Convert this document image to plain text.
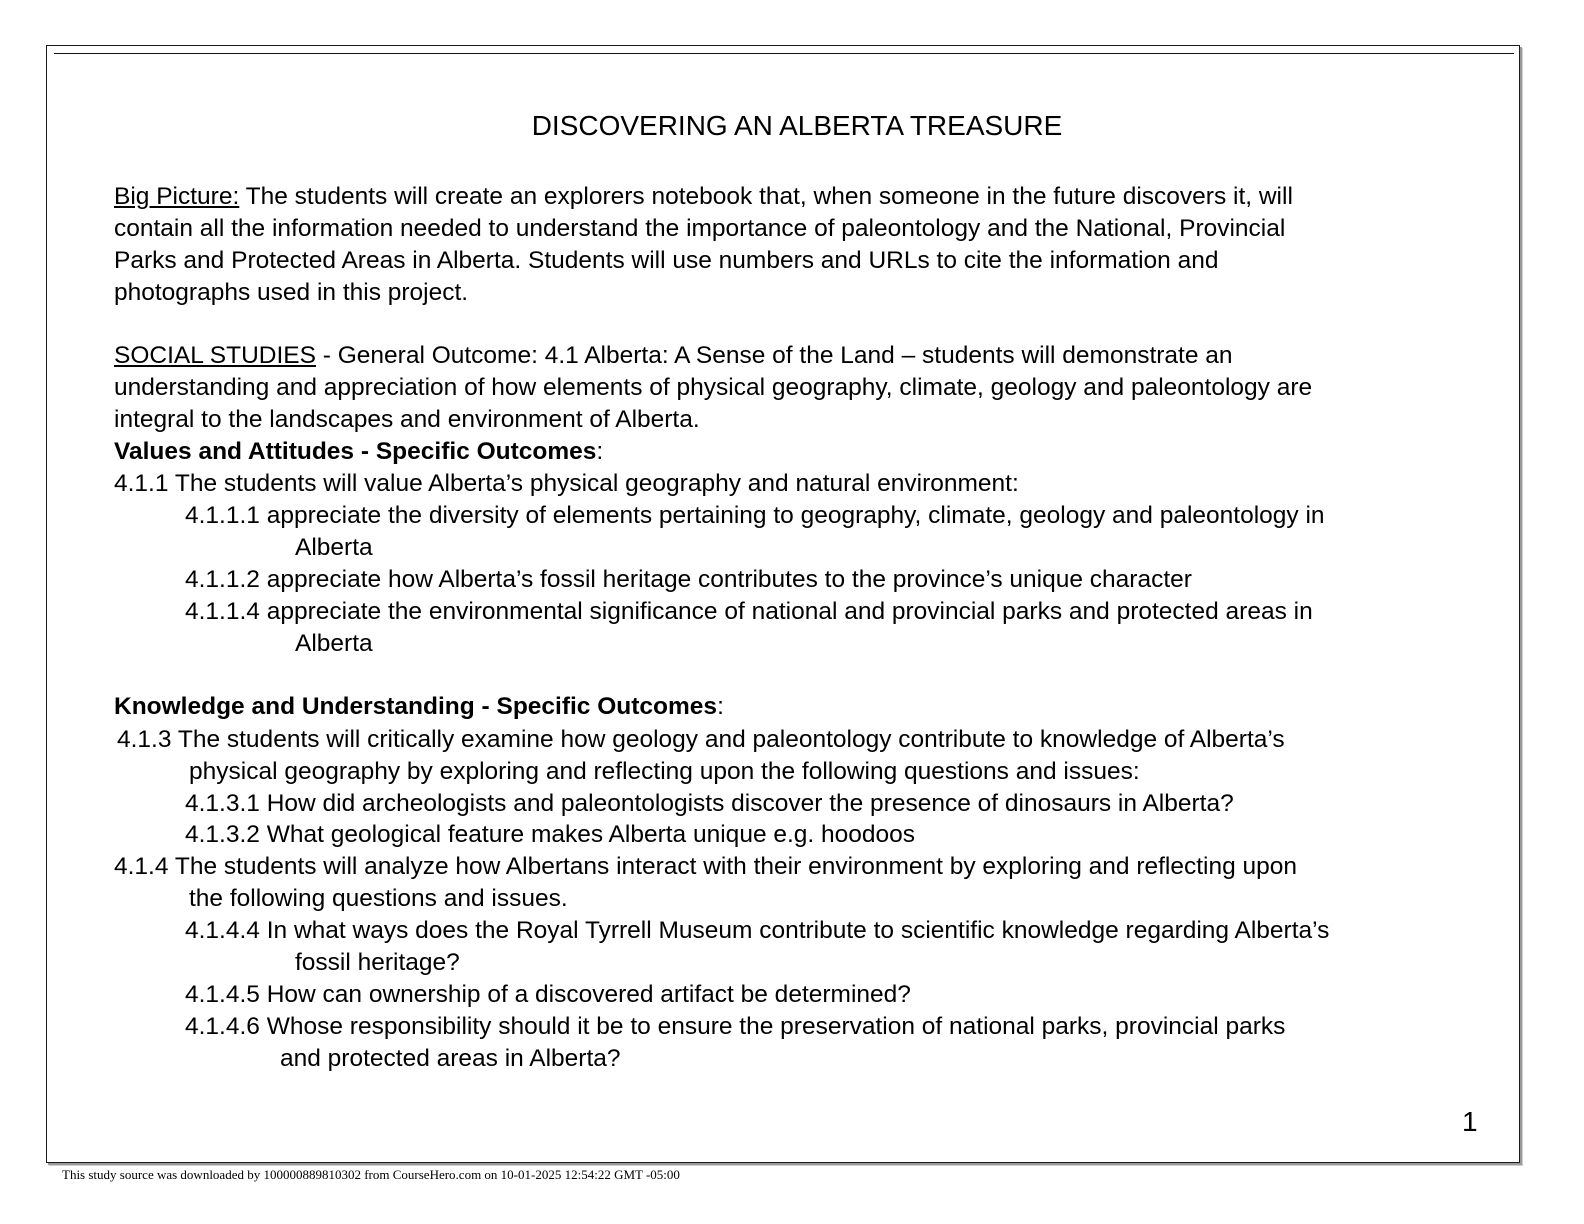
DISCOVERING AN ALBERTA TREASURE
Big Picture: The students will create an explorers notebook that, when someone in the future discovers it, will
contain all the information needed to understand the importance of paleontology and the National, Provincial
Parks and Protected Areas in Alberta. Students will use numbers and URLs to cite the information and
photographs used in this project.
SOCIAL STUDIES - General Outcome: 4.1 Alberta: A Sense of the Land – students will demonstrate an
understanding and appreciation of how elements of physical geography, climate, geology and paleontology are
integral to the landscapes and environment of Alberta.
Values and Attitudes - Specific Outcomes:
4.1.1 The students will value Alberta’s physical geography and natural environment:
4.1.1.1 appreciate the diversity of elements pertaining to geography, climate, geology and paleontology in
Alberta
4.1.1.2 appreciate how Alberta’s fossil heritage contributes to the province’s unique character
4.1.1.4 appreciate the environmental significance of national and provincial parks and protected areas in
Alberta
Knowledge and Understanding - Specific Outcomes:
4.1.3 The students will critically examine how geology and paleontology contribute to knowledge of Alberta’s
physical geography by exploring and reflecting upon the following questions and issues:
4.1.3.1 How did archeologists and paleontologists discover the presence of dinosaurs in Alberta?
4.1.3.2 What geological feature makes Alberta unique e.g. hoodoos
4.1.4 The students will analyze how Albertans interact with their environment by exploring and reflecting upon
the following questions and issues.
4.1.4.4 In what ways does the Royal Tyrrell Museum contribute to scientific knowledge regarding Alberta’s
fossil heritage?
4.1.4.5 How can ownership of a discovered artifact be determined?
4.1.4.6 Whose responsibility should it be to ensure the preservation of national parks, provincial parks
and protected areas in Alberta?
1
This study source was downloaded by 100000889810302 from CourseHero.com on 10-01-2025 12:54:22 GMT -05:00
